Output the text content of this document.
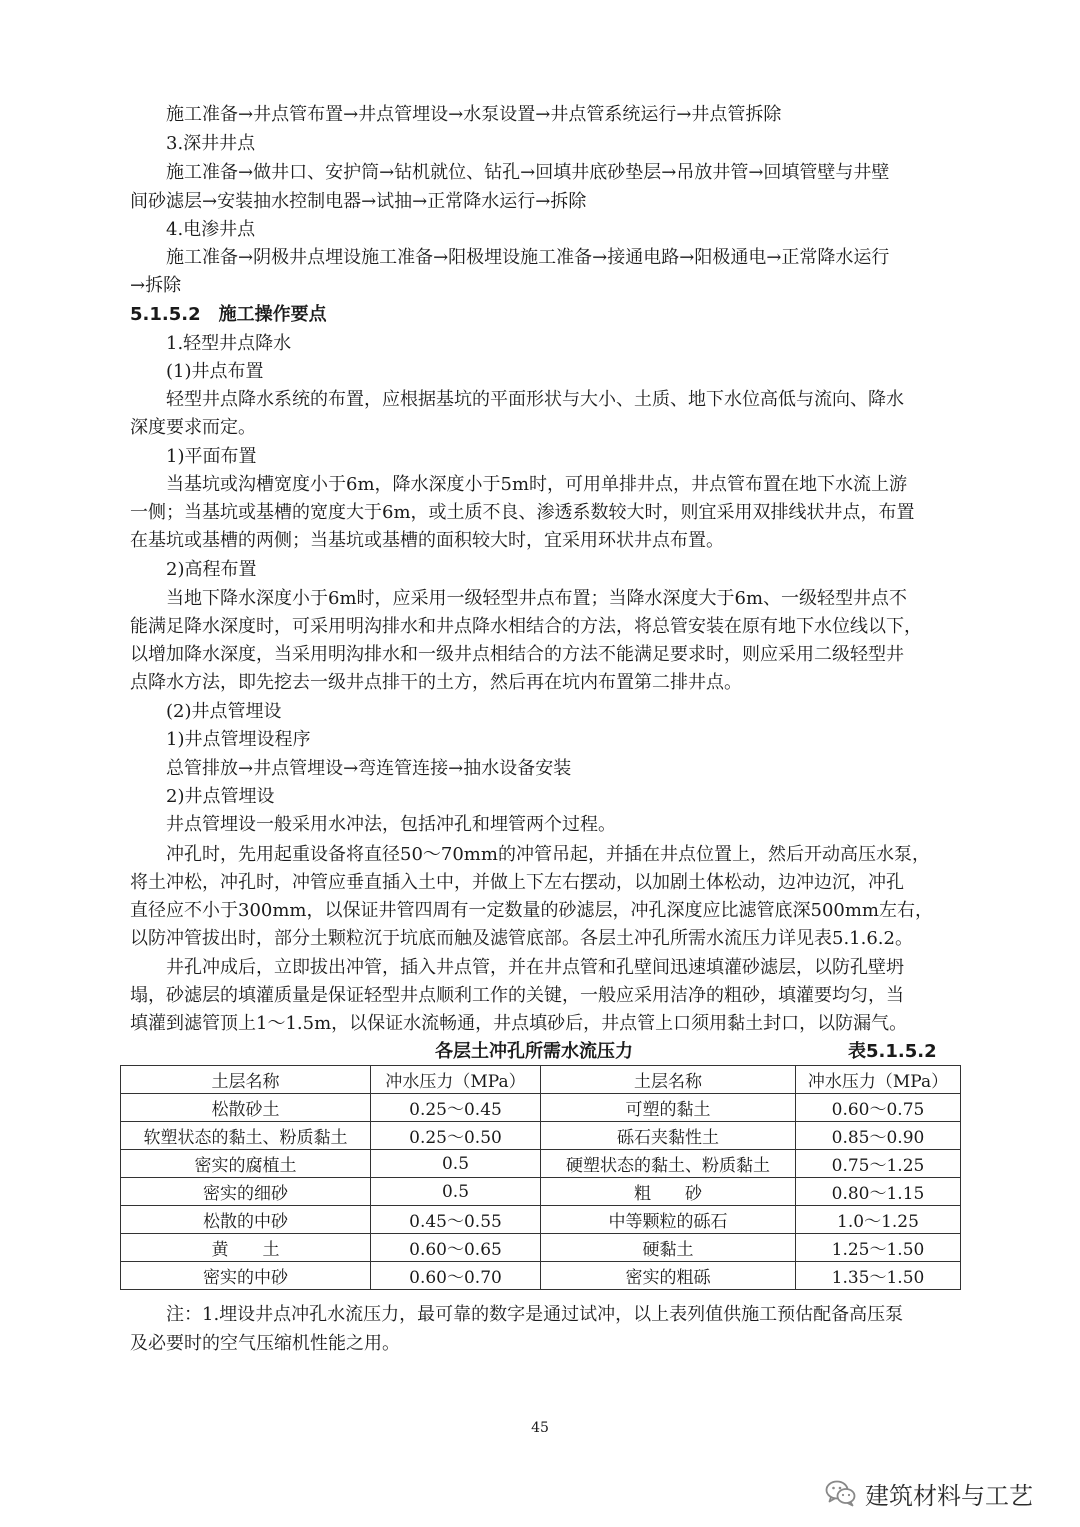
施工准备→井点管布置→井点管埋设→水泵设置→井点管系统运行→井点管拆除
3.深井井点
施工准备→做井口、安护筒→钻机就位、钻孔→回填井底砂垫层→吊放井管→回填管壁与井壁
间砂滤层→安装抽水控制电器→试抽→正常降水运行→拆除
4.电渗井点
施工准备→阴极井点埋设施工准备→阳极埋设施工准备→接通电路→阳极通电→正常降水运行
→拆除
5.1.5.2　施工操作要点
1.轻型井点降水
(1)井点布置
轻型井点降水系统的布置，应根据基坑的平面形状与大小、土质、地下水位高低与流向、降水
深度要求而定。
1)平面布置
当基坑或沟槽宽度小于6m，降水深度小于5m时，可用单排井点，井点管布置在地下水流上游
一侧；当基坑或基槽的宽度大于6m，或土质不良、渗透系数较大时，则宜采用双排线状井点，布置
在基坑或基槽的两侧；当基坑或基槽的面积较大时，宜采用环状井点布置。
2)高程布置
当地下降水深度小于6m时，应采用一级轻型井点布置；当降水深度大于6m、一级轻型井点不
能满足降水深度时，可采用明沟排水和井点降水相结合的方法，将总管安装在原有地下水位线以下，
以增加降水深度，当采用明沟排水和一级井点相结合的方法不能满足要求时，则应采用二级轻型井
点降水方法，即先挖去一级井点排干的土方，然后再在坑内布置第二排井点。
(2)井点管埋设
1)井点管埋设程序
总管排放→井点管埋设→弯连管连接→抽水设备安装
2)井点管埋设
井点管埋设一般采用水冲法，包括冲孔和埋管两个过程。
冲孔时，先用起重设备将直径50～70mm的冲管吊起，并插在井点位置上，然后开动高压水泵，
将土冲松，冲孔时，冲管应垂直插入土中，并做上下左右摆动，以加剧土体松动，边冲边沉，冲孔
直径应不小于300mm，以保证井管四周有一定数量的砂滤层，冲孔深度应比滤管底深500mm左右，
以防冲管拔出时，部分土颗粒沉于坑底而触及滤管底部。各层土冲孔所需水流压力详见表5.1.6.2。
井孔冲成后，立即拔出冲管，插入井点管，并在井点管和孔壁间迅速填灌砂滤层，以防孔壁坍
塌，砂滤层的填灌质量是保证轻型井点顺利工作的关键，一般应采用洁净的粗砂，填灌要均匀，当
填灌到滤管顶上1～1.5m，以保证水流畅通，井点填砂后，井点管上口须用黏土封口，以防漏气。
各层土冲孔所需水流压力	表5.1.5.2
土层名称	冲水压力（MPa）	土层名称	冲水压力（MPa）
松散砂土	0.25～0.45	可塑的黏土	0.60～0.75
软塑状态的黏土、粉质黏土	0.25～0.50	砾石夹黏性土	0.85～0.90
密实的腐植土	0.5	硬塑状态的黏土、粉质黏土	0.75～1.25
密实的细砂	0.5	粗　　砂	0.80～1.15
松散的中砂	0.45～0.55	中等颗粒的砾石	1.0～1.25
黄　　土	0.60～0.65	硬黏土	1.25～1.50
密实的中砂	0.60～0.70	密实的粗砾	1.35～1.50
注：1.埋设井点冲孔水流压力，最可靠的数字是通过试冲，以上表列值供施工预估配备高压泵
及必要时的空气压缩机性能之用。
45
建筑材料与工艺
